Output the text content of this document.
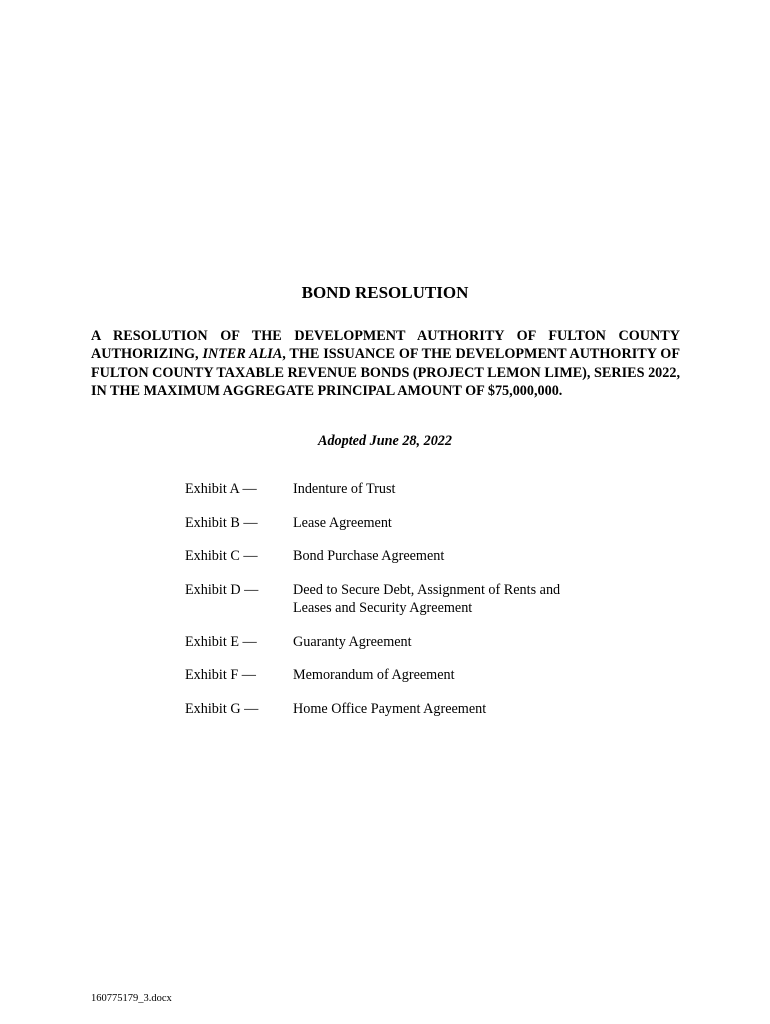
BOND RESOLUTION

A RESOLUTION OF THE DEVELOPMENT AUTHORITY OF FULTON COUNTY AUTHORIZING, INTER ALIA, THE ISSUANCE OF THE DEVELOPMENT AUTHORITY OF FULTON COUNTY TAXABLE REVENUE BONDS (PROJECT LEMON LIME), SERIES 2022, IN THE MAXIMUM AGGREGATE PRINCIPAL AMOUNT OF $75,000,000.

Adopted June 28, 2022

Exhibit A —	Indenture of Trust
Exhibit B —	Lease Agreement
Exhibit C —	Bond Purchase Agreement
Exhibit D —	Deed to Secure Debt, Assignment of Rents and Leases and Security Agreement
Exhibit E —	Guaranty Agreement
Exhibit F —	Memorandum of Agreement
Exhibit G —	Home Office Payment Agreement

160775179_3.docx
